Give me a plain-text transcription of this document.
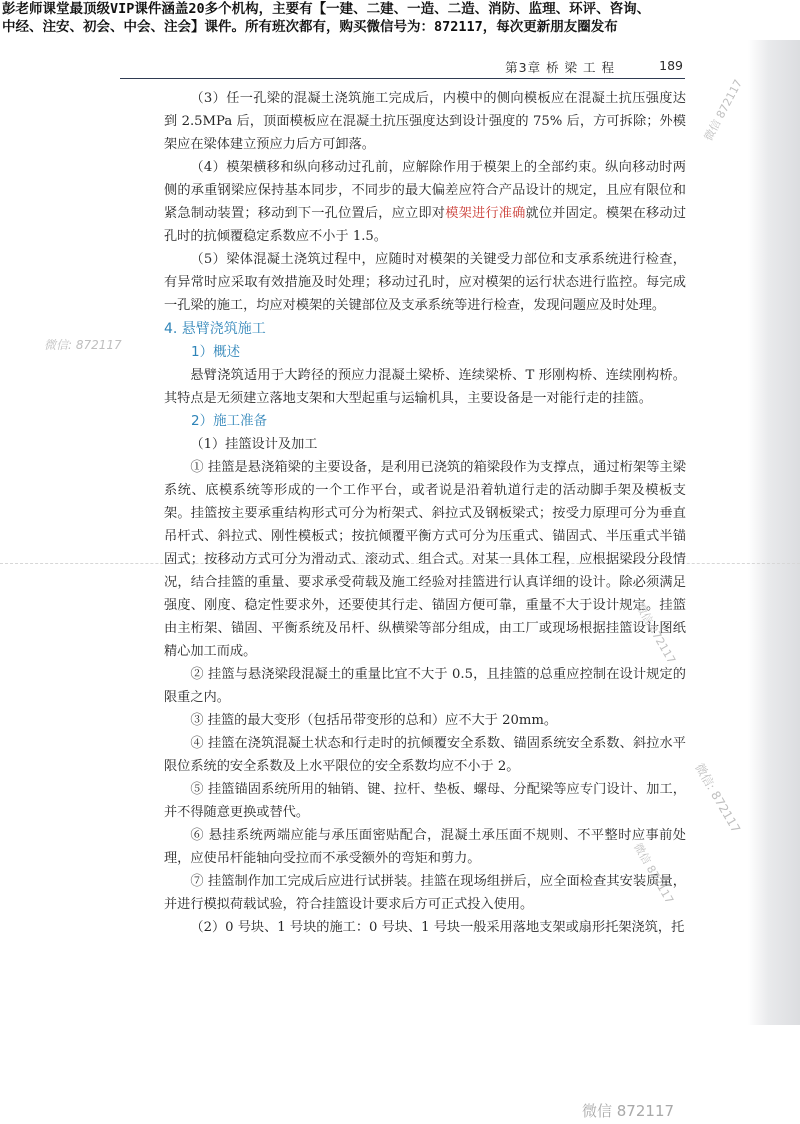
彭老师课堂最顶级VIP课件涵盖20多个机构，主要有【一建、二建、一造、二造、消防、监理、环评、咨询、
中经、注安、初会、中会、注会】课件。所有班次都有，购买微信号为：872117，每次更新朋友圈发布
第3章 桥 梁 工 程	189

（3）任一孔梁的混凝土浇筑施工完成后，内模中的侧向模板应在混凝土抗压强度达到 2.5MPa 后，顶面模板应在混凝土抗压强度达到设计强度的 75% 后，方可拆除；外模架应在梁体建立预应力后方可卸落。

（4）模架横移和纵向移动过孔前，应解除作用于模架上的全部约束。纵向移动时两侧的承重钢梁应保持基本同步，不同步的最大偏差应符合产品设计的规定，且应有限位和紧急制动装置；移动到下一孔位置后，应立即对模架进行准确就位并固定。模架在移动过孔时的抗倾覆稳定系数应不小于 1.5。

（5）梁体混凝土浇筑过程中，应随时对模架的关键受力部位和支承系统进行检查，有异常时应采取有效措施及时处理；移动过孔时，应对模架的运行状态进行监控。每完成一孔梁的施工，均应对模架的关键部位及支承系统等进行检查，发现问题应及时处理。

4. 悬臂浇筑施工

1）概述

悬臂浇筑适用于大跨径的预应力混凝土梁桥、连续梁桥、T 形刚构桥、连续刚构桥。其特点是无须建立落地支架和大型起重与运输机具，主要设备是一对能行走的挂篮。

2）施工准备

（1）挂篮设计及加工

① 挂篮是悬浇箱梁的主要设备，是利用已浇筑的箱梁段作为支撑点，通过桁架等主梁系统、底模系统等形成的一个工作平台，或者说是沿着轨道行走的活动脚手架及模板支架。挂篮按主要承重结构形式可分为桁架式、斜拉式及钢板梁式；按受力原理可分为垂直吊杆式、斜拉式、刚性模板式；按抗倾覆平衡方式可分为压重式、锚固式、半压重式半锚固式；按移动方式可分为滑动式、滚动式、组合式。对某一具体工程，应根据梁段分段情况，结合挂篮的重量、要求承受荷载及施工经验对挂篮进行认真详细的设计。除必须满足强度、刚度、稳定性要求外，还要使其行走、锚固方便可靠，重量不大于设计规定。挂篮由主桁架、锚固、平衡系统及吊杆、纵横梁等部分组成，由工厂或现场根据挂篮设计图纸精心加工而成。

② 挂篮与悬浇梁段混凝土的重量比宜不大于 0.5，且挂篮的总重应控制在设计规定的限重之内。

③ 挂篮的最大变形（包括吊带变形的总和）应不大于 20mm。

④ 挂篮在浇筑混凝土状态和行走时的抗倾覆安全系数、锚固系统安全系数、斜拉水平限位系统的安全系数及上水平限位的安全系数均应不小于 2。

⑤ 挂篮锚固系统所用的轴销、键、拉杆、垫板、螺母、分配梁等应专门设计、加工，并不得随意更换或替代。

⑥ 悬挂系统两端应能与承压面密贴配合，混凝土承压面不规则、不平整时应事前处理，应使吊杆能轴向受拉而不承受额外的弯矩和剪力。

⑦ 挂篮制作加工完成后应进行试拼装。挂篮在现场组拼后，应全面检查其安装质量，并进行模拟荷载试验，符合挂篮设计要求后方可正式投入使用。

（2）0 号块、1 号块的施工：0 号块、1 号块一般采用落地支架或扇形托架浇筑，托

微信: 872117
微信 872117
微信 872117
微信: 872117
微信 872117
微信 872117
